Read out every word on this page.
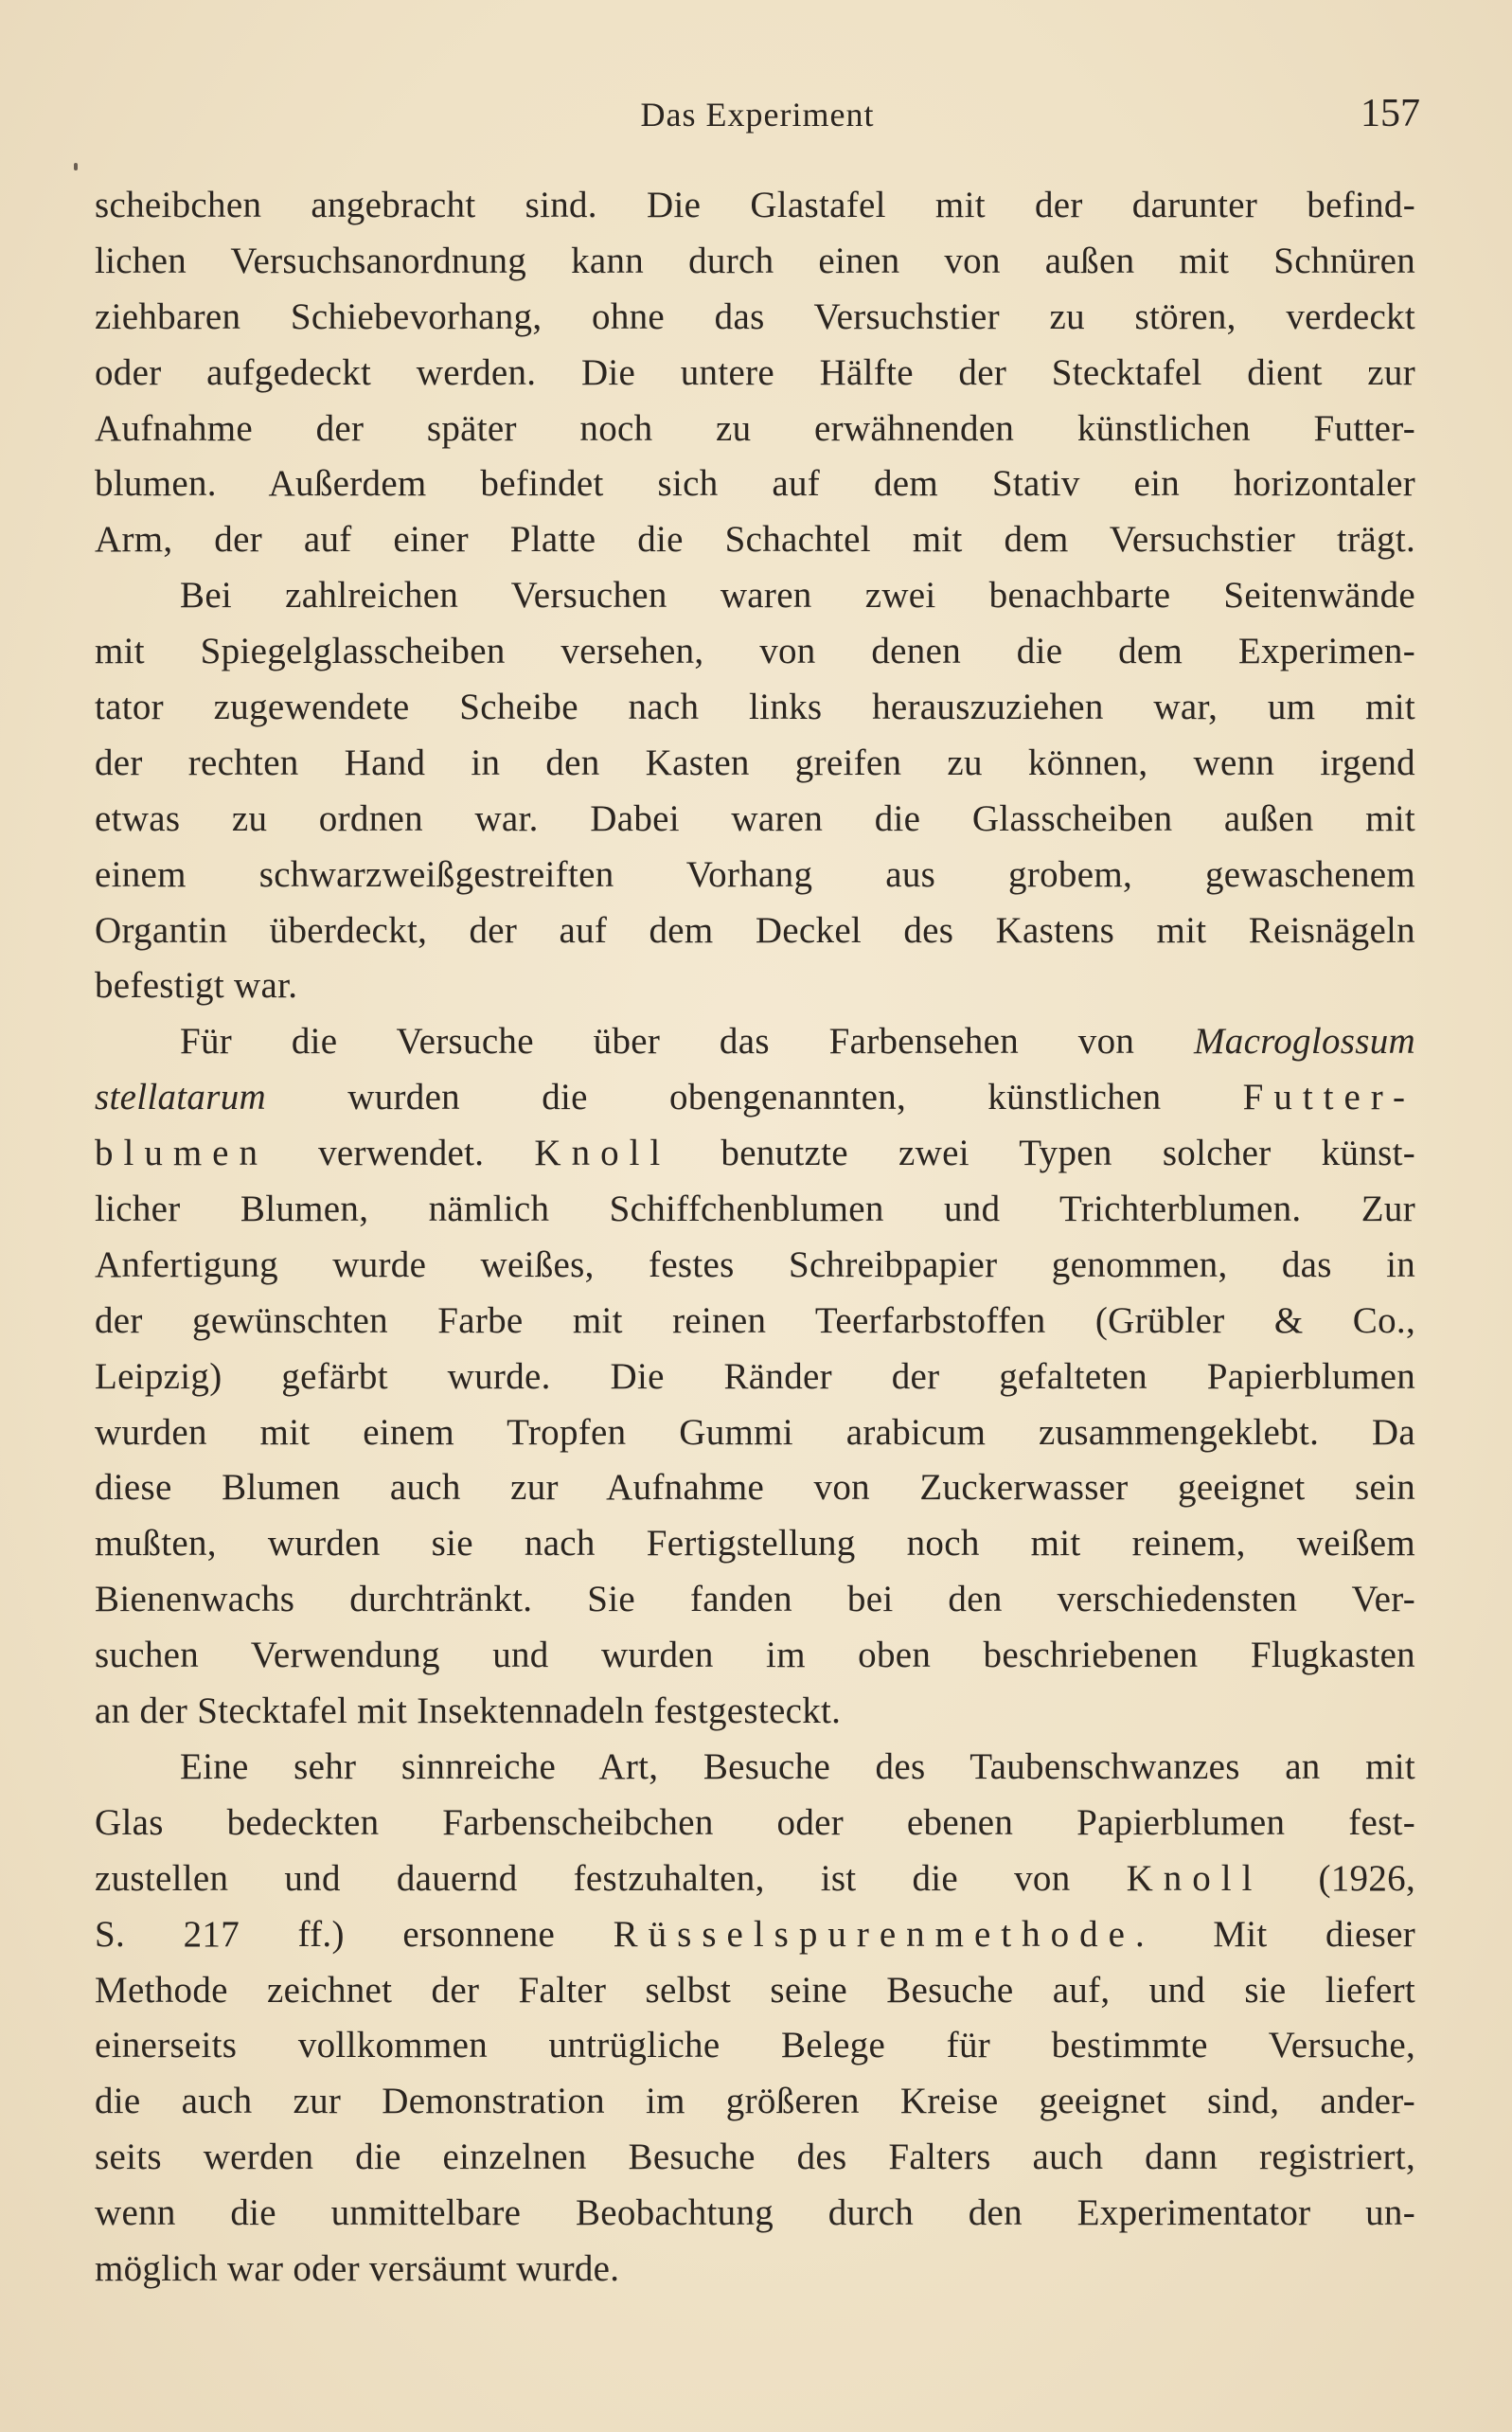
Das Experiment	157
scheibchen angebracht sind. Die Glastafel mit der darunter befind-
lichen Versuchsanordnung kann durch einen von außen mit Schnüren
ziehbaren Schiebevorhang, ohne das Versuchstier zu stören, verdeckt
oder aufgedeckt werden. Die untere Hälfte der Stecktafel dient zur
Aufnahme der später noch zu erwähnenden künstlichen Futter-
blumen. Außerdem befindet sich auf dem Stativ ein horizontaler
Arm, der auf einer Platte die Schachtel mit dem Versuchstier trägt.
Bei zahlreichen Versuchen waren zwei benachbarte Seitenwände
mit Spiegelglasscheiben versehen, von denen die dem Experimen-
tator zugewendete Scheibe nach links herauszuziehen war, um mit
der rechten Hand in den Kasten greifen zu können, wenn irgend
etwas zu ordnen war. Dabei waren die Glasscheiben außen mit
einem schwarzweißgestreiften Vorhang aus grobem, gewaschenem
Organtin überdeckt, der auf dem Deckel des Kastens mit Reisnägeln
befestigt war.
Für die Versuche über das Farbensehen von Macroglossum
stellatarum wurden die obengenannten, künstlichen Futter-
blumen verwendet. Knoll benutzte zwei Typen solcher künst-
licher Blumen, nämlich Schiffchenblumen und Trichterblumen. Zur
Anfertigung wurde weißes, festes Schreibpapier genommen, das in
der gewünschten Farbe mit reinen Teerfarbstoffen (Grübler & Co.,
Leipzig) gefärbt wurde. Die Ränder der gefalteten Papierblumen
wurden mit einem Tropfen Gummi arabicum zusammengeklebt. Da
diese Blumen auch zur Aufnahme von Zuckerwasser geeignet sein
mußten, wurden sie nach Fertigstellung noch mit reinem, weißem
Bienenwachs durchtränkt. Sie fanden bei den verschiedensten Ver-
suchen Verwendung und wurden im oben beschriebenen Flugkasten
an der Stecktafel mit Insektennadeln festgesteckt.
Eine sehr sinnreiche Art, Besuche des Taubenschwanzes an mit
Glas bedeckten Farbenscheibchen oder ebenen Papierblumen fest-
zustellen und dauernd festzuhalten, ist die von Knoll (1926,
S. 217 ff.) ersonnene Rüsselspurenmethode. Mit dieser
Methode zeichnet der Falter selbst seine Besuche auf, und sie liefert
einerseits vollkommen untrügliche Belege für bestimmte Versuche,
die auch zur Demonstration im größeren Kreise geeignet sind, ander-
seits werden die einzelnen Besuche des Falters auch dann registriert,
wenn die unmittelbare Beobachtung durch den Experimentator un-
möglich war oder versäumt wurde.
